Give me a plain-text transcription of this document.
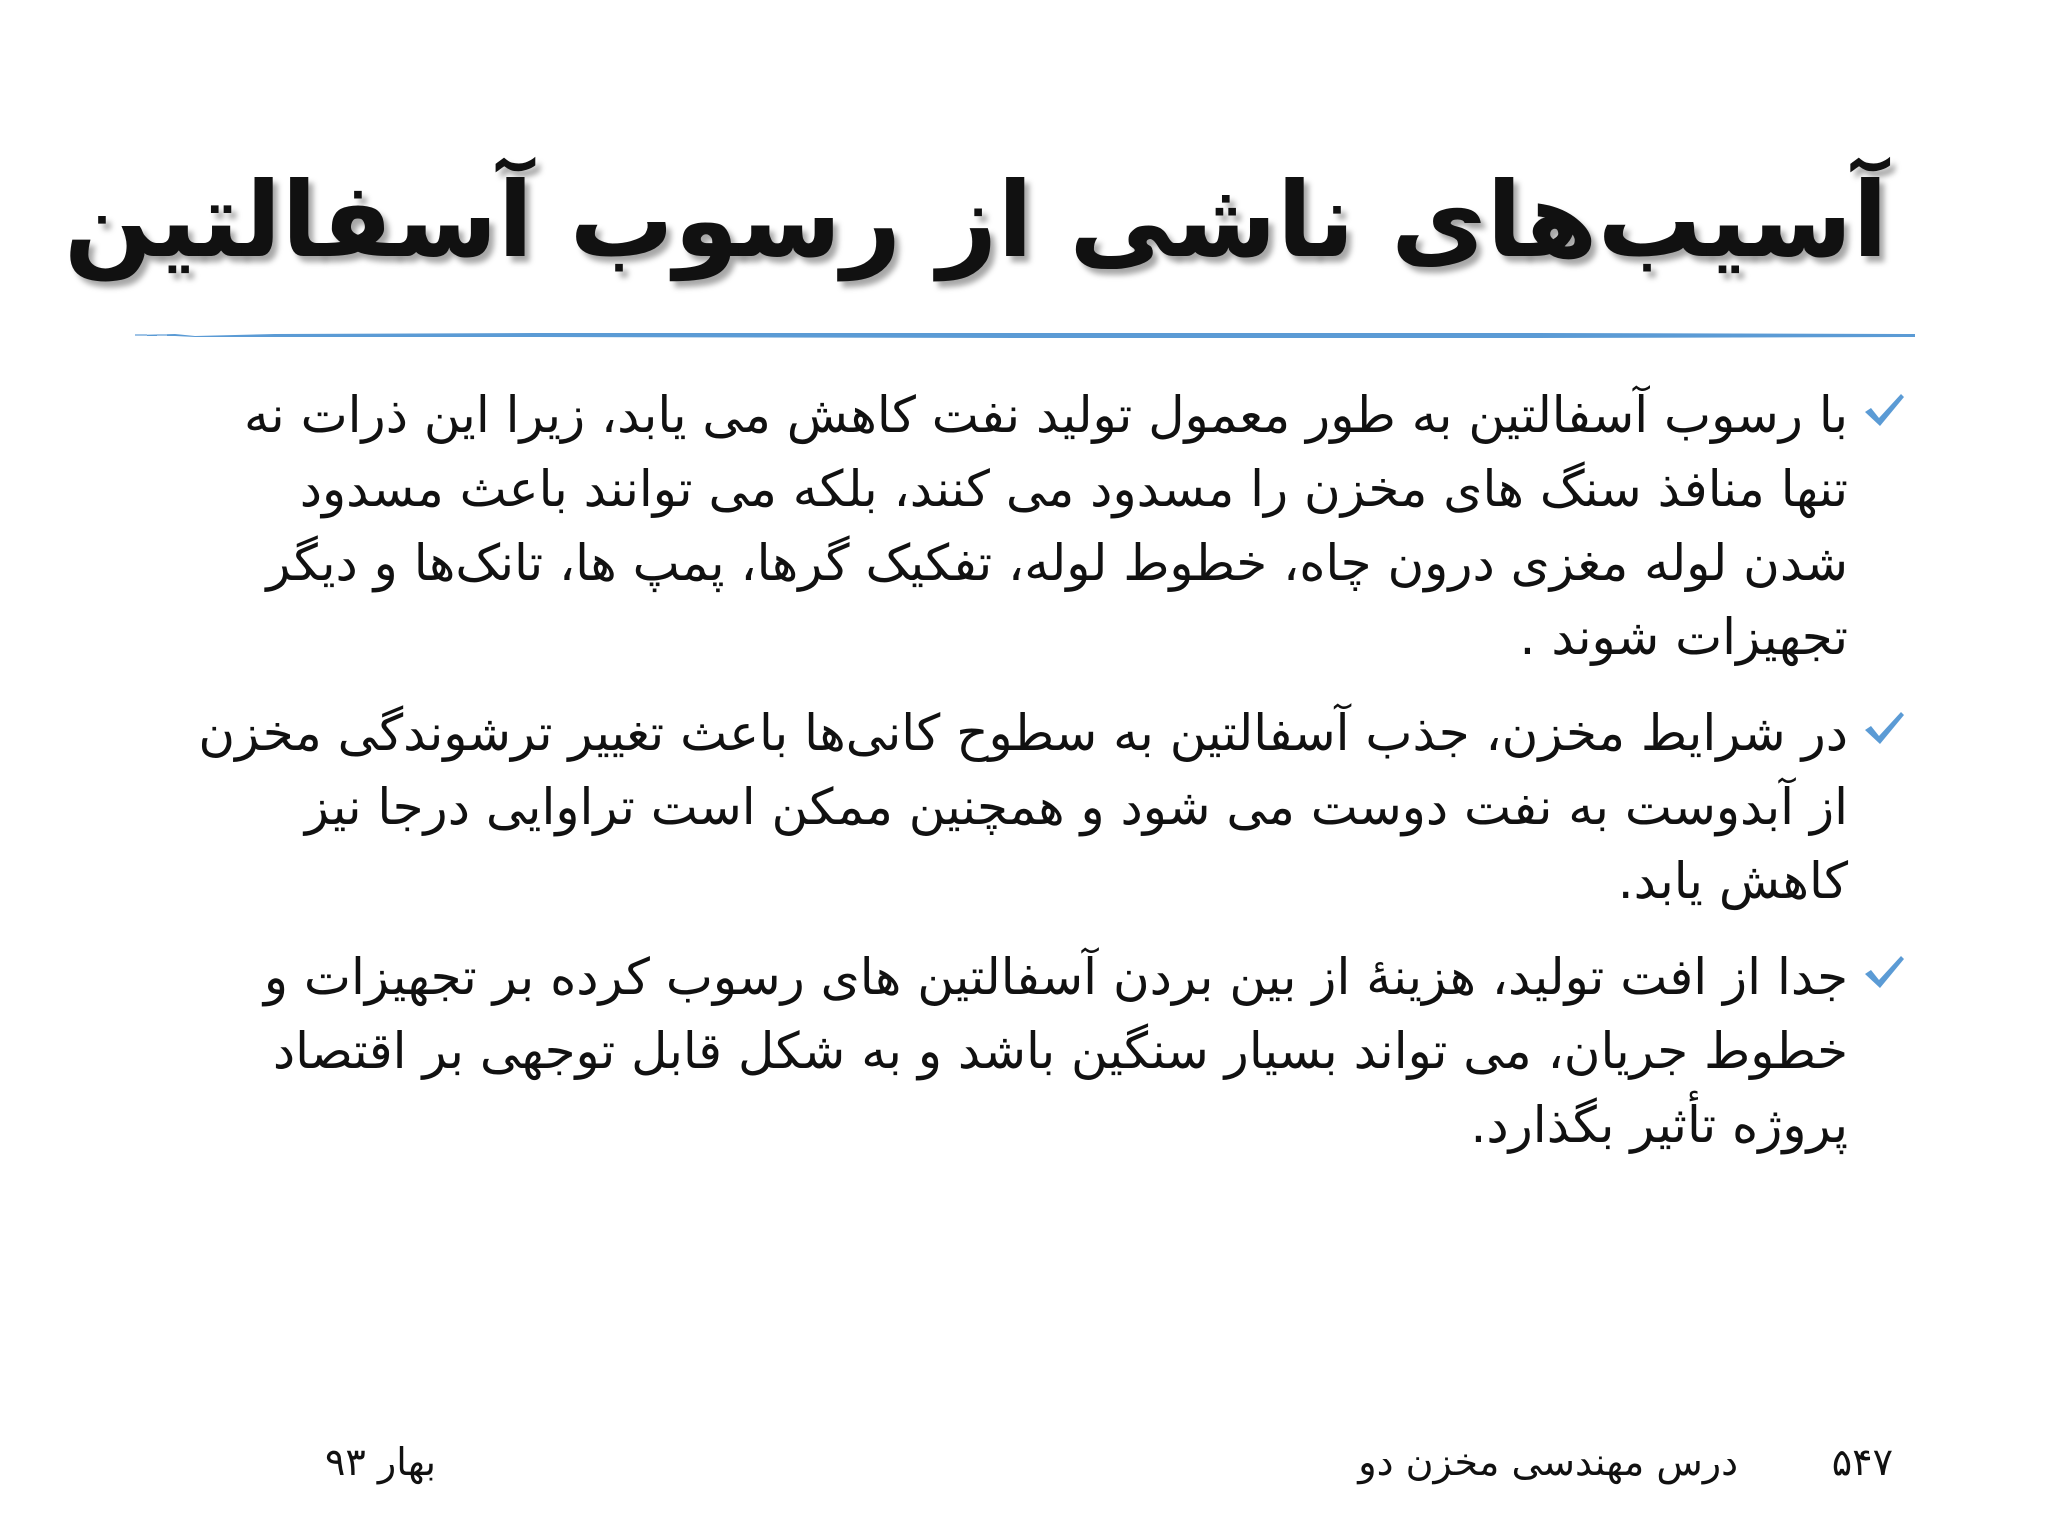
آسیب‌های ناشی از رسوب آسفالتین
با رسوب آسفالتین به طور معمول تولید نفت کاهش می یابد، زیرا این ذرات نه تنها منافذ سنگ های مخزن را مسدود می کنند، بلکه می توانند باعث مسدود شدن لوله مغزی درون چاه، خطوط لوله، تفکیک گرها، پمپ ها، تانک‌ها و دیگر تجهیزات شوند .
در شرایط مخزن، جذب آسفالتین به سطوح کانی‌ها باعث تغییر ترشوندگی مخزن از آبدوست به نفت دوست می شود و همچنین ممکن است تراوایی درجا نیز کاهش یابد.
جدا از افت تولید، هزینۀ از بین بردن آسفالتین های رسوب کرده بر تجهیزات و خطوط جریان، می تواند بسیار سنگین باشد و به شکل قابل توجهی بر اقتصاد پروژه تأثیر بگذارد.
۵۴۷
درس مهندسی مخزن دو
بهار ۹۳
